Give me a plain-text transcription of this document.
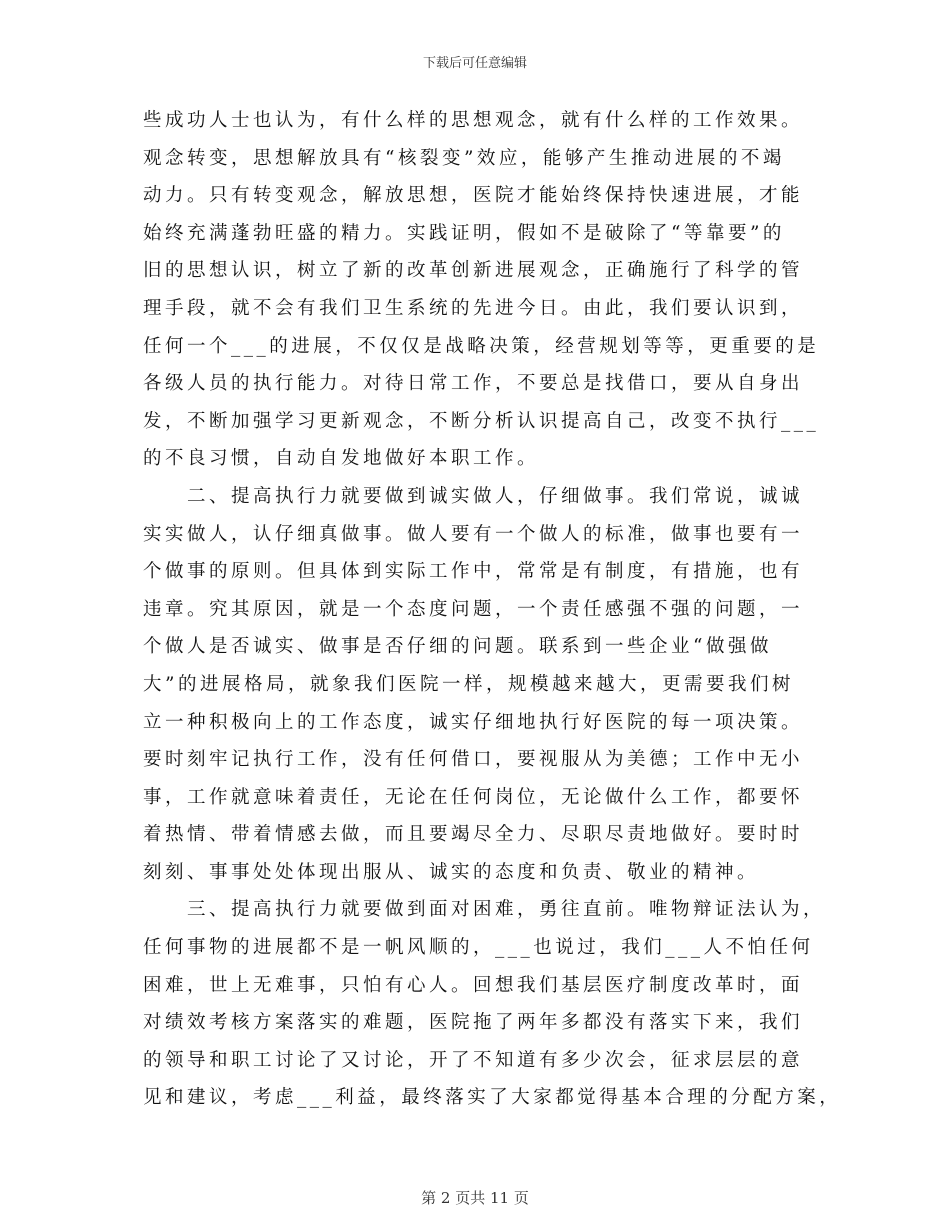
下载后可任意编辑
些成功人士也认为，有什么样的思想观念，就有什么样的工作效果。
观念转变，思想解放具有“核裂变”效应，能够产生推动进展的不竭
动力。只有转变观念，解放思想，医院才能始终保持快速进展，才能
始终充满蓬勃旺盛的精力。实践证明，假如不是破除了“等靠要”的
旧的思想认识，树立了新的改革创新进展观念，正确施行了科学的管
理手段，就不会有我们卫生系统的先进今日。由此，我们要认识到，
任何一个___的进展，不仅仅是战略决策，经营规划等等，更重要的是
各级人员的执行能力。对待日常工作，不要总是找借口，要从自身出
发，不断加强学习更新观念，不断分析认识提高自己，改变不执行___
的不良习惯，自动自发地做好本职工作。
二、提高执行力就要做到诚实做人，仔细做事。我们常说，诚诚
实实做人，认仔细真做事。做人要有一个做人的标准，做事也要有一
个做事的原则。但具体到实际工作中，常常是有制度，有措施，也有
违章。究其原因，就是一个态度问题，一个责任感强不强的问题，一
个做人是否诚实、做事是否仔细的问题。联系到一些企业“做强做
大”的进展格局，就象我们医院一样，规模越来越大，更需要我们树
立一种积极向上的工作态度，诚实仔细地执行好医院的每一项决策。
要时刻牢记执行工作，没有任何借口，要视服从为美德；工作中无小
事，工作就意味着责任，无论在任何岗位，无论做什么工作，都要怀
着热情、带着情感去做，而且要竭尽全力、尽职尽责地做好。要时时
刻刻、事事处处体现出服从、诚实的态度和负责、敬业的精神。
三、提高执行力就要做到面对困难，勇往直前。唯物辩证法认为，
任何事物的进展都不是一帆风顺的，___也说过，我们___人不怕任何
困难，世上无难事，只怕有心人。回想我们基层医疗制度改革时，面
对绩效考核方案落实的难题，医院拖了两年多都没有落实下来，我们
的领导和职工讨论了又讨论，开了不知道有多少次会，征求层层的意
见和建议，考虑___利益，最终落实了大家都觉得基本合理的分配方案，
第 2 页共 11 页
